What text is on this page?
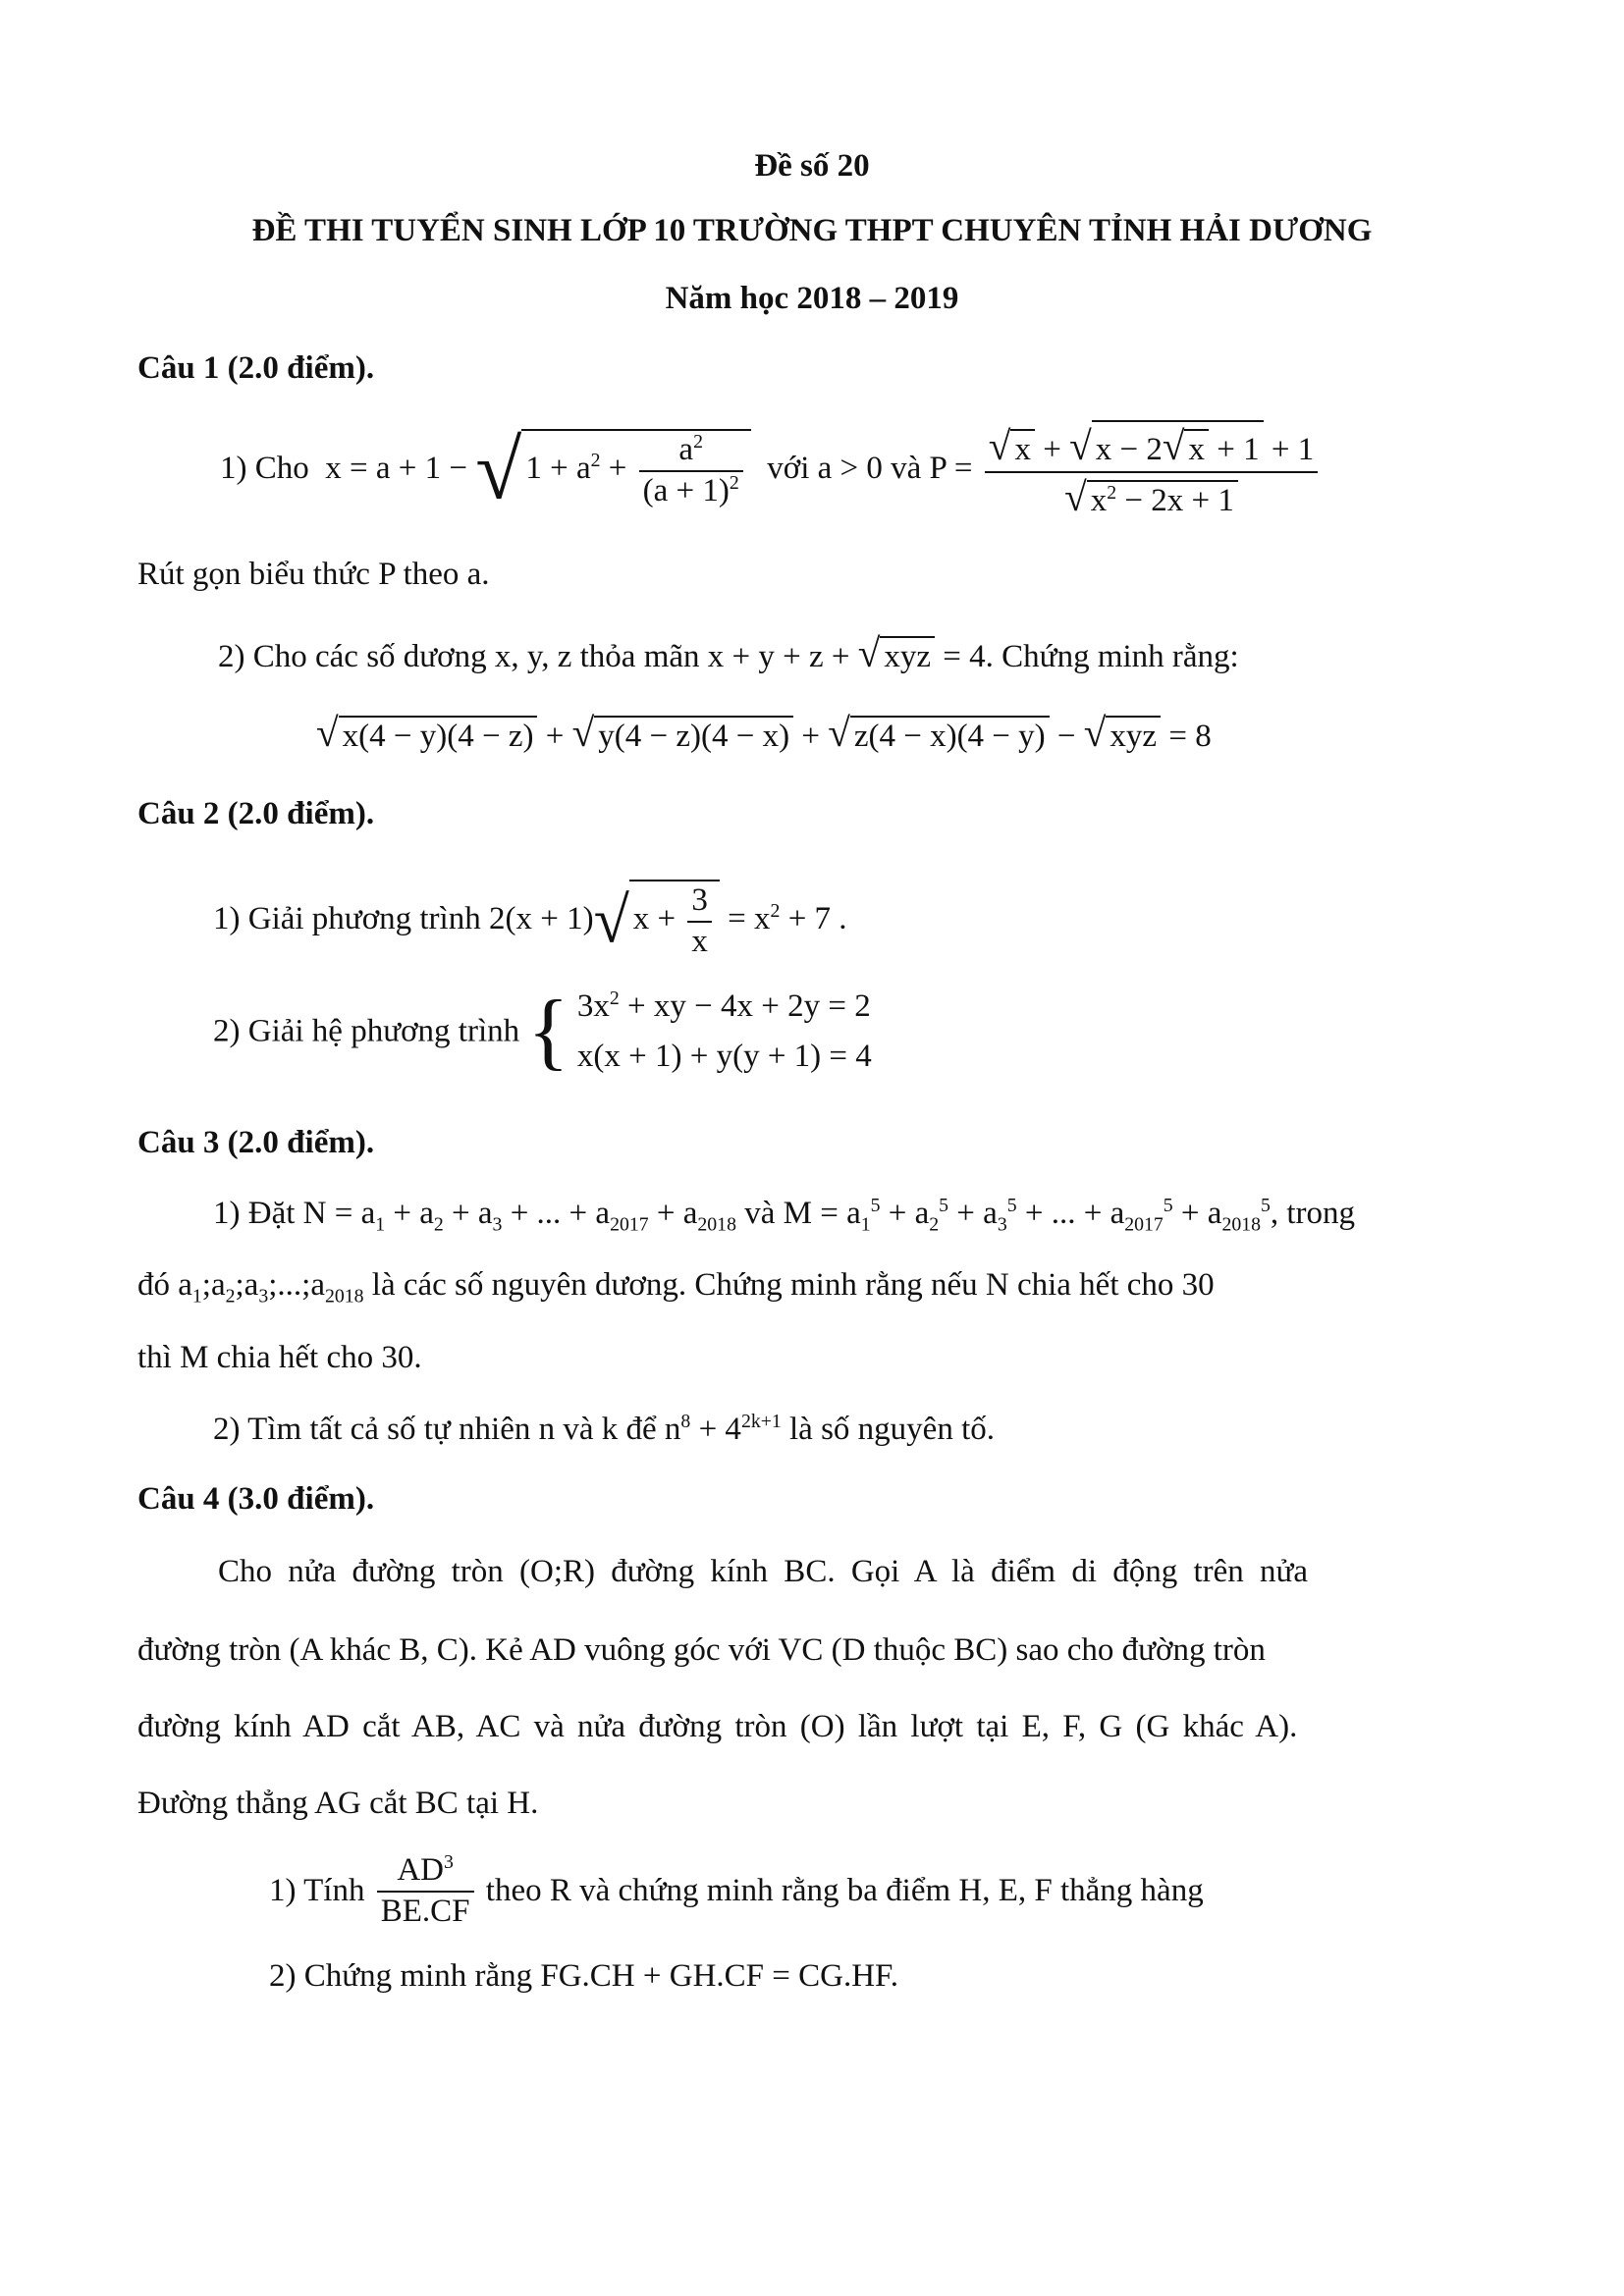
Đề số 20
ĐỀ THI TUYỂN SINH LỚP 10 TRƯỜNG THPT CHUYÊN TỈNH HẢI DƯƠNG
Năm học 2018 – 2019
Câu 1 (2.0 điểm).
1) Cho  x = a + 1 − √ $1 + a^2 + \frac{a^2}{(a + 1)^2}$ với a > 0 và $P = \frac{√ x + √ x - 2√ x + 1 + 1}{√ x^2 - 2x + 1}$
Rút gọn biểu thức P theo a.
2) Cho các số dương x, y, z thỏa mãn x + y + z + √ xyz = 4. Chứng minh rằng:
√ x(4 − y)(4 − z) + √ y(4 − z)(4 − x) + √ z(4 − x)(4 − y) − √ xyz = 8
Câu 2 (2.0 điểm).
1) Giải phương trình 2(x + 1)√ $x + \frac{3}{x} = x^2 + 7$ .
2) Giải hệ phương trình { $3x^2$ + xy − 4x + 2y = 2
x(x + 1) + y(y + 1) = 4
Câu 3 (2.0 điểm).
1) Đặt $N = a_1 + a_2 + a_3$ + ... + $a_{2017} + a_{2018}$ và $M = a_1^5 + a_2^5 + a_3^5$ + ... + $a_{2017}^5 + a_{2018}^5$, trong
đó $a_1;a_2;a_3;...;a_{2018}$ là các số nguyên dương. Chứng minh rằng nếu N chia hết cho 30
thì M chia hết cho 30.
2) Tìm tất cả số tự nhiên n và k để $n^8 + 4^{2k+1}$ là số nguyên tố.
Câu 4 (3.0 điểm).
Cho nửa đường tròn (O;R) đường kính BC. Gọi A là điểm di động trên nửa
đường tròn (A khác B, C). Kẻ AD vuông góc với VC (D thuộc BC) sao cho đường tròn
đường kính AD cắt AB, AC và nửa đường tròn (O) lần lượt tại E, F, G (G khác A).
Đường thẳng AG cắt BC tại H.
1) Tính $\frac{AD^3}{BE.CF}$ theo R và chứng minh rằng ba điểm H, E, F thẳng hàng
2) Chứng minh rằng FG.CH + GH.CF = CG.HF.
